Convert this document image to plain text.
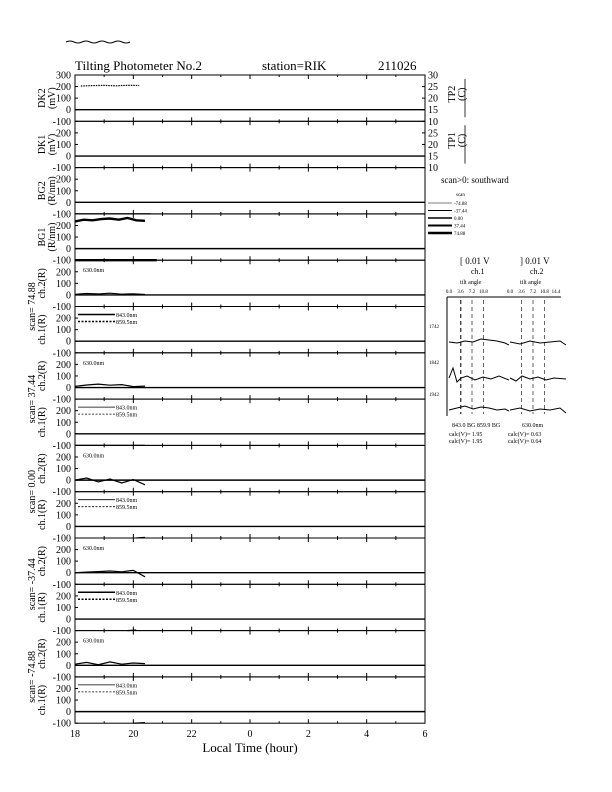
Tilting Photometer No.2	station=RIK	211026
300
200
100
0
-100
DK2(mV)
30
25
20
15
10
TP2(C)
200
100
0
-100
DK1(mV)	25
20
15
10
TP1(C)
200
100
0
-100
BG2(R/nm)
200
100
0
-100
BG1(R/nm)
200
100
0
-100
ch.2(R)	630.0nm
200
100
0
-100
ch.1(R)	843.0nm
859.5nm
200
100
0
-100
ch.2(R)	630.0nm
200
100
0
-100
ch.1(R)	843.0nm
859.5nm
200
100
0
-100
ch.2(R)	630.0nm
200
100
0
-100
ch.1(R)	843.0nm
859.5nm
200
100
0
-100
ch.2(R)	630.0nm
200
100
0
-100
ch.1(R)	843.0nm
859.5nm
200
100
0
-100
ch.2(R)	630.0nm
200
100
0
-100
ch.1(R)	843.0nm
859.5nm
scan= 74.88
scan= 37.44
scan= 0.00
scan= -37.44
scan= -74.88
18	20	22	0	2	4	6
Local Time (hour)
scan>0: southward
scan
-74.88
-37.44
0.00
37.44
74.88
[ 0.01 V	] 0.01 V
ch.1	ch.2
tilt angle	tilt angle
0.0 3.6 7.2 10.8	0.0 3.6 7.2 10.8 14.4
1742
1842
1942
843.0 BG 859.9 BG	630.0nm
calc(V)= 1.95
calc(V)= 1.95
calc(V)= 0.63
calc(V)= 0.64
